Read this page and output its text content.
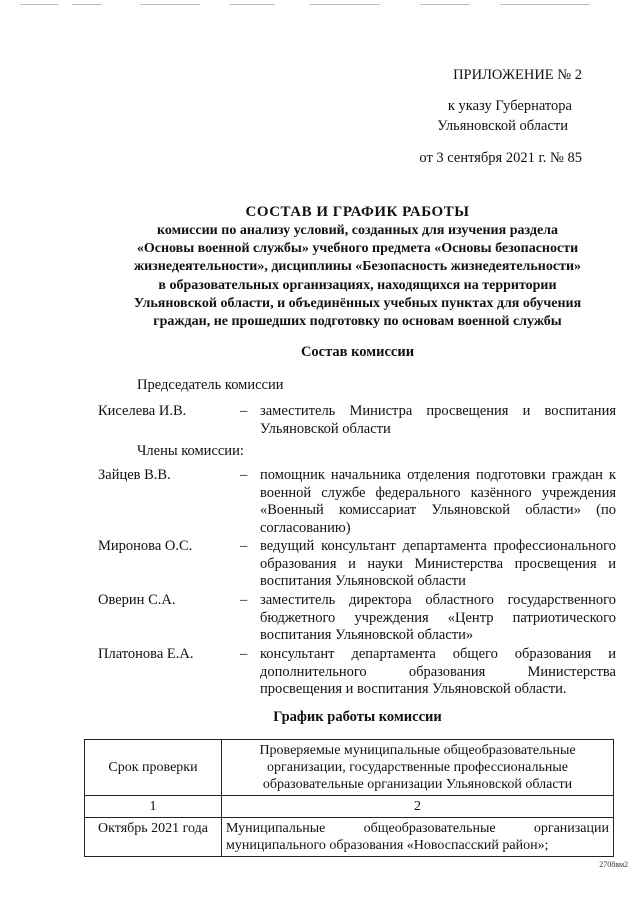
ПРИЛОЖЕНИЕ № 2
к указу Губернатора
Ульяновской области
от 3 сентября 2021 г. № 85
СОСТАВ И ГРАФИК РАБОТЫ
комиссии по анализу условий, созданных для изучения раздела
«Основы военной службы» учебного предмета «Основы безопасности
жизнедеятельности», дисциплины «Безопасность жизнедеятельности»
в образовательных организациях, находящихся на территории
Ульяновской области, и объединённых учебных пунктах для обучения
граждан, не прошедших подготовку по основам военной службы
Состав комиссии
Председатель комиссии
Киселева И.В.	– заместитель Министра просвещения и воспитания Ульяновской области
Члены комиссии:
Зайцев В.В.	– помощник начальника отделения подготовки граждан к военной службе федерального казённого учреждения «Военный комиссариат Ульяновской области» (по согласованию)
Миронова О.С.	– ведущий консультант департамента профессионального образования и науки Министерства просвещения и воспитания Ульяновской области
Оверин С.А.	– заместитель директора областного государственного бюджетного учреждения «Центр патриотического воспитания Ульяновской области»
Платонова Е.А.	– консультант департамента общего образования и дополнительного образования Министерства просвещения и воспитания Ульяновской области.
График работы комиссии
Срок проверки	Проверяемые муниципальные общеобразовательные организации, государственные профессиональные образовательные организации Ульяновской области
1	2
Октябрь 2021 года	Муниципальные общеобразовательные организации муниципального образования «Новоспасский район»;
2708вм2
